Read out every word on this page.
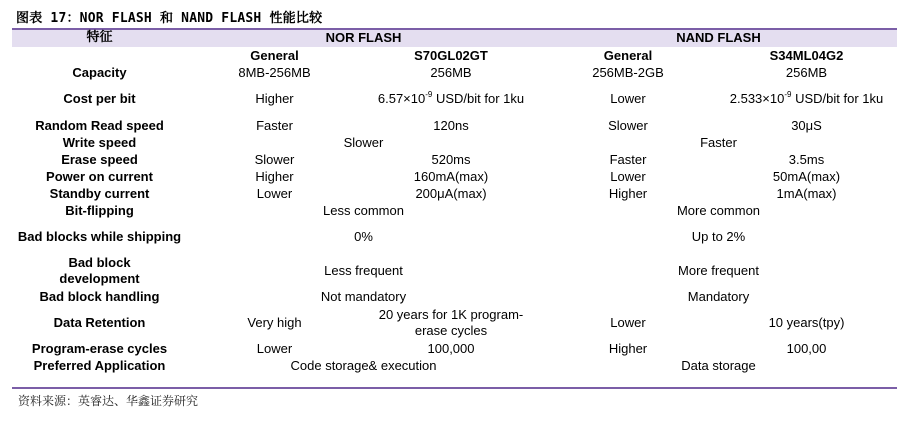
图表 17：NOR FLASH 和 NAND FLASH 性能比较
特征	NOR FLASH		NAND FLASH	
	General	S70GL02GT	General	S34ML04G2
Capacity	8MB-256MB	256MB	256MB-2GB	256MB
Cost per bit	Higher	$6.57\times 10^{-9}$ USD/bit for 1ku	Lower	$2.533\times 10^{-9}$ USD/bit for 1ku
Random Read speed	Faster	120ns	Slower	30μS
Write speed	Slower		Faster	
Erase speed	Slower	520ms	Faster	3.5ms
Power on current	Higher	160mA(max)	Lower	50mA(max)
Standby current	Lower	200μA(max)	Higher	1mA(max)
Bit-flipping	Less common		More common	
Bad blocks while shipping	0%		Up to 2%	
Bad block development	Less frequent		More frequent	
Bad block handling	Not mandatory		Mandatory	
Data Retention	Very high	20 years for 1K program-erase cycles	Lower	10 years(tpy)
Program-erase cycles	Lower	100,000	Higher	100,00
Preferred Application	Code storage& execution		Data storage	
资料来源：英睿达、华鑫证券研究
